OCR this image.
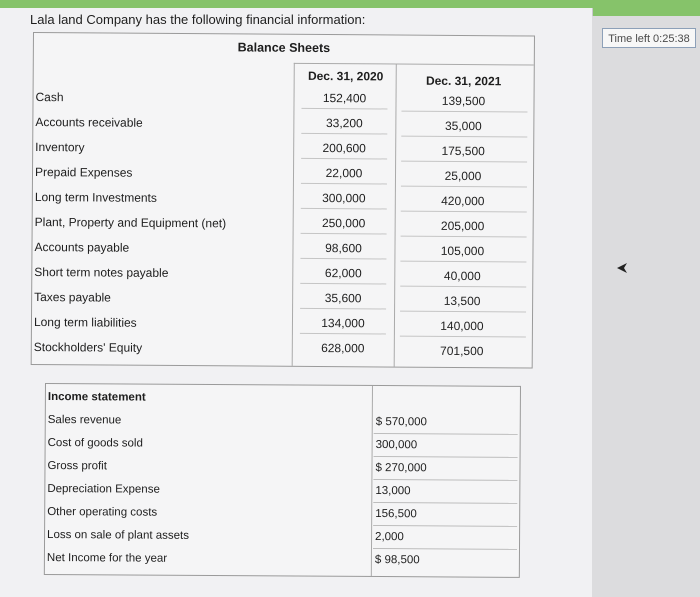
Lala land Company has the following financial information:
Time left 0:25:38
Balance Sheets
Dec. 31, 2020	Dec. 31, 2021
Cash	152,400	139,500
Accounts receivable	33,200	35,000
Inventory	200,600	175,500
Prepaid Expenses	22,000	25,000
Long term Investments	300,000	420,000
Plant, Property and Equipment (net)	250,000	205,000
Accounts payable	98,600	105,000
Short term notes payable	62,000	40,000
Taxes payable	35,600	13,500
Long term liabilities	134,000	140,000
Stockholders' Equity	628,000	701,500
Income statement
Sales revenue	$ 570,000
Cost of goods sold	300,000
Gross profit	$ 270,000
Depreciation Expense	13,000
Other operating costs	156,500
Loss on sale of plant assets	2,000
Net Income for the year	$ 98,500
